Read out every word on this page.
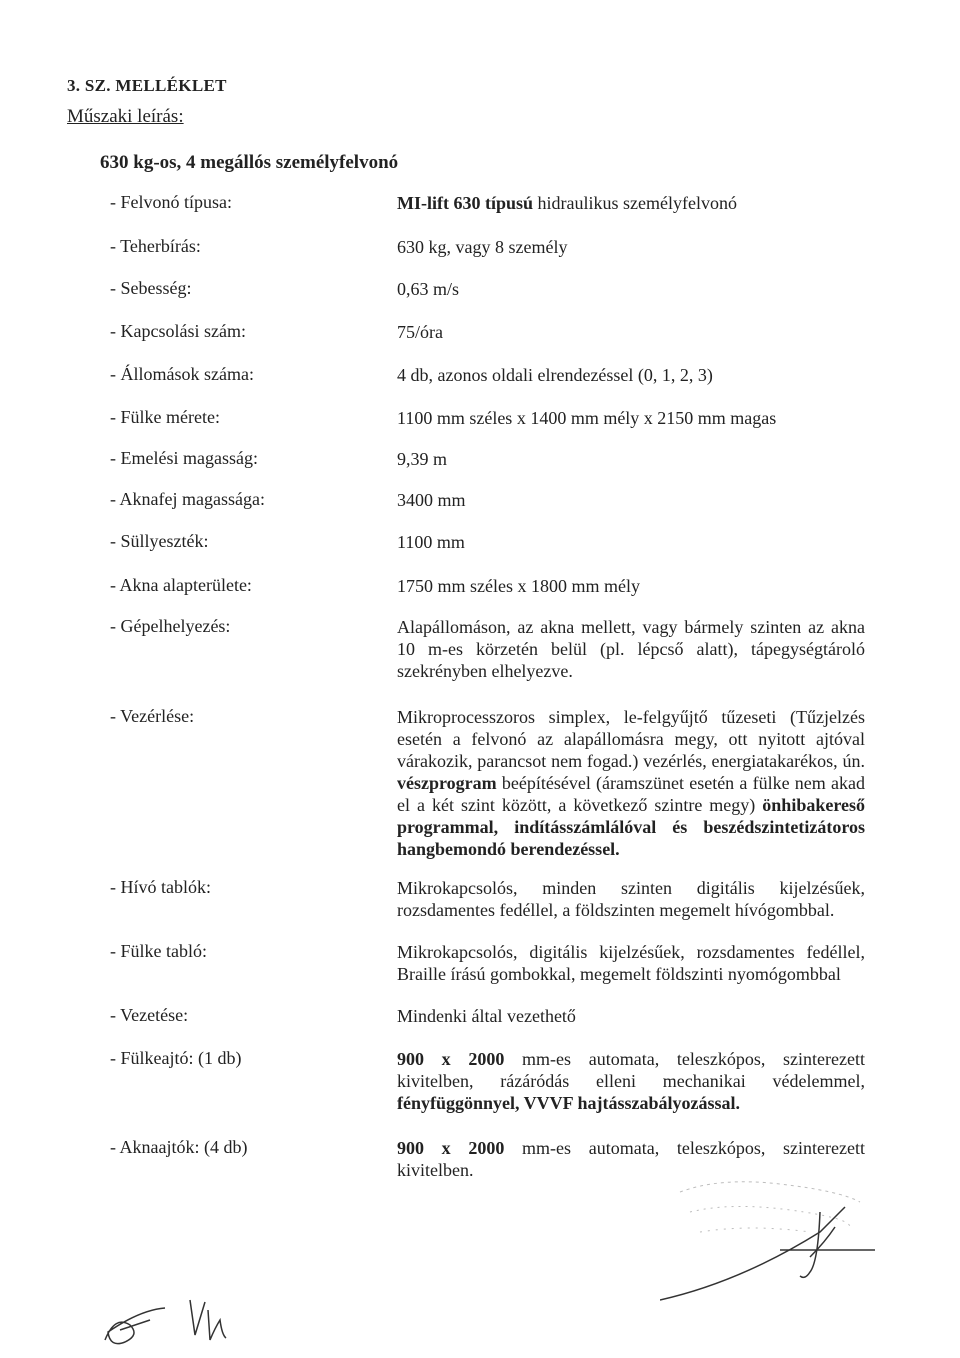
3. SZ. MELLÉKLET
Műszaki leírás:
630 kg-os, 4 megállós személyfelvonó
- Felvonó típusa:	MI-lift 630 típusú hidraulikus személyfelvonó
- Teherbírás:	630 kg, vagy 8 személy
- Sebesség:	0,63 m/s
- Kapcsolási szám:	75/óra
- Állomások száma:	4 db, azonos oldali elrendezéssel (0, 1, 2, 3)
- Fülke mérete:	1100 mm széles x 1400 mm mély x 2150 mm magas
- Emelési magasság:	9,39 m
- Aknafej magassága:	3400 mm
- Süllyeszték:	1100 mm
- Akna alapterülete:	1750 mm széles x 1800 mm mély
- Gépelhelyezés:	Alapállomáson, az akna mellett, vagy bármely szinten az akna 10 m-es körzetén belül (pl. lépcső alatt), tápegységtároló szekrényben elhelyezve.
- Vezérlése:	Mikroprocesszoros simplex, le-felgyűjtő tűzeseti (Tűzjelzés esetén a felvonó az alapállomásra megy, ott nyitott ajtóval várakozik, parancsot nem fogad.) vezérlés, energiatakarékos, ún. vészprogram beépítésével (áramszünet esetén a fülke nem akad el a két szint között, a következő szintre megy) önhibakereső programmal, indításszámlálóval és beszédszintetizátoros hangbemondó berendezéssel.
- Hívó tablók:	Mikrokapcsolós, minden szinten digitális kijelzésűek, rozsdamentes fedéllel, a földszinten megemelt hívógombbal.
- Fülke tabló:	Mikrokapcsolós, digitális kijelzésűek, rozsdamentes fedéllel, Braille írású gombokkal, megemelt földszinti nyomógombbal
- Vezetése:	Mindenki által vezethető
- Fülkeajtó: (1 db)	900 x 2000 mm-es automata, teleszkópos, szinterezett kivitelben, rázáródás elleni mechanikai védelemmel, fényfüggönnyel, VVVF hajtásszabályozással.
- Aknaajtók: (4 db)	900 x 2000 mm-es automata, teleszkópos, szinterezett kivitelben.
